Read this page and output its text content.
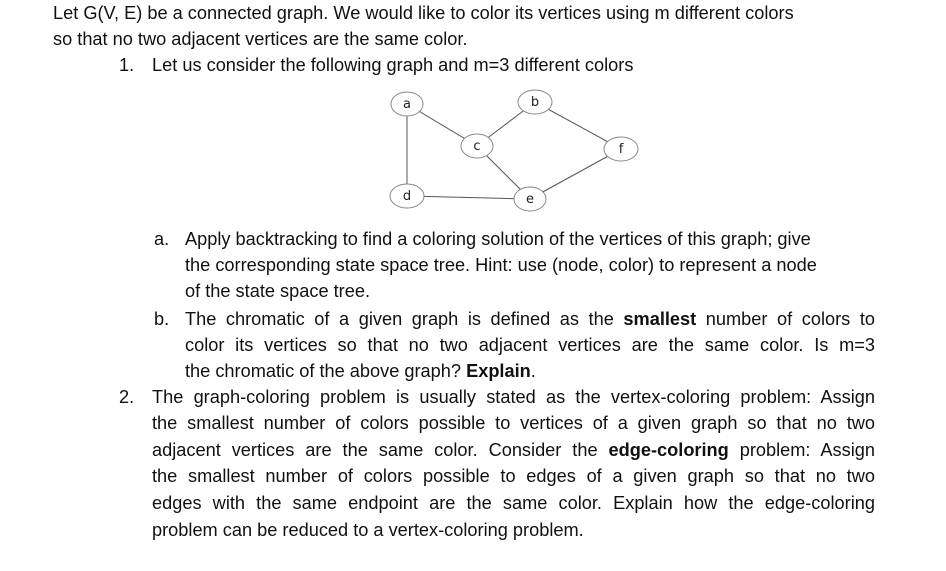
Let G(V, E) be a connected graph. We would like to color its vertices using m different colors
so that no two adjacent vertices are the same color.
1. Let us consider the following graph and m=3 different colors
a	b
c
d	e
f
a. Apply backtracking to find a coloring solution of the vertices of this graph; give
the corresponding state space tree. Hint: use (node, color) to represent a node
of the state space tree.
b. The chromatic of a given graph is defined as the smallest number of colors to
color its vertices so that no two adjacent vertices are the same color. Is m=3
the chromatic of the above graph? Explain.
2. The graph-coloring problem is usually stated as the vertex-coloring problem: Assign
the smallest number of colors possible to vertices of a given graph so that no two
adjacent vertices are the same color. Consider the edge-coloring problem: Assign
the smallest number of colors possible to edges of a given graph so that no two
edges with the same endpoint are the same color. Explain how the edge-coloring
problem can be reduced to a vertex-coloring problem.
